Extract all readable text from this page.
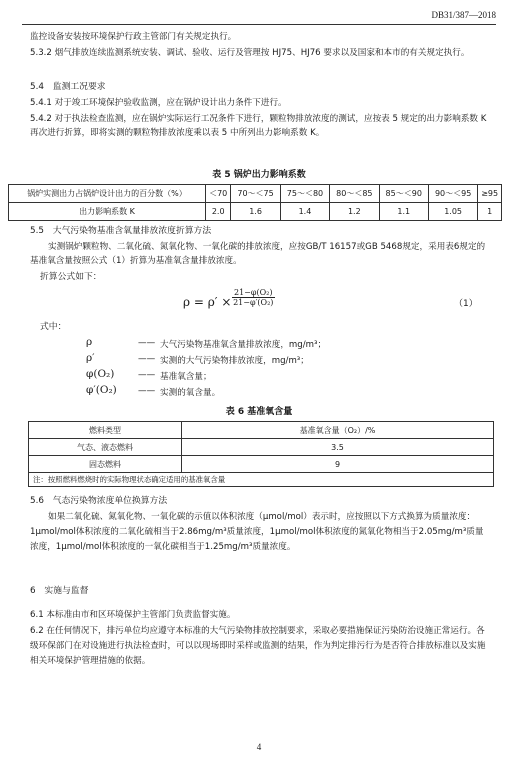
DB31/387—2018

监控设备安装按环境保护行政主管部门有关规定执行。

5.3.2 烟气排放连续监测系统安装、调试、验收、运行及管理按 HJ75、HJ76 要求以及国家和本市的有关规定执行。

5.4　监测工况要求

5.4.1 对于竣工环境保护验收监测，应在锅炉设计出力条件下进行。

5.4.2 对于执法检查监测，应在锅炉实际运行工况条件下进行，颗粒物排放浓度的测试，应按表 5 规定的出力影响系数 K 再次进行折算，即将实测的颗粒物排放浓度乘以表 5 中所列出力影响系数 K。

表 5 锅炉出力影响系数
锅炉实测出力占锅炉设计出力的百分数（%）	＜70	70～＜75	75～＜80	80～＜85	85～＜90	90～＜95	≥95
出力影响系数 K	2.0	1.6	1.4	1.2	1.1	1.05	1
5.5　大气污染物基准含氧量排放浓度折算方法

实测锅炉颗粒物、二氧化硫、氮氧化物、一氧化碳的排放浓度，应按GB/T 16157或GB 5468规定，采用表6规定的基准氧含量按照公式（1）折算为基准氧含量排放浓度。

折算公式如下：
$\rho = \rho' \times \frac{\text{21−φ(O₂)}}{\text{21−φ′(O₂)}}$	（1）
式中：
ρ	—— 大气污染物基准氧含量排放浓度，mg/m³；
ρ′	—— 实测的大气污染物排放浓度，mg/m³；
φ(O₂)	—— 基准氧含量；
φ′(O₂)	—— 实测的氧含量。
表 6 基准氧含量
燃料类型	基准氧含量（O₂）/%
气态、液态燃料	3.5
固态燃料	9
注：按照燃料燃烧时的实际物理状态确定适用的基准氧含量	
5.6　气态污染物浓度单位换算方法

如果二氧化硫、氮氧化物、一氧化碳的示值以体积浓度（μmol/mol）表示时，应按照以下方式换算为质量浓度：1μmol/mol体积浓度的二氧化硫相当于2.86mg/m³质量浓度，1μmol/mol体积浓度的氮氧化物相当于2.05mg/m³质量浓度，1μmol/mol体积浓度的一氧化碳相当于1.25mg/m³质量浓度。

6　实施与监督

6.1 本标准由市和区环境保护主管部门负责监督实施。

6.2 在任何情况下，排污单位均应遵守本标准的大气污染物排放控制要求，采取必要措施保证污染防治设施正常运行。各级环保部门在对设施进行执法检查时，可以以现场即时采样或监测的结果，作为判定排污行为是否符合排放标准以及实施相关环境保护管理措施的依据。

4
